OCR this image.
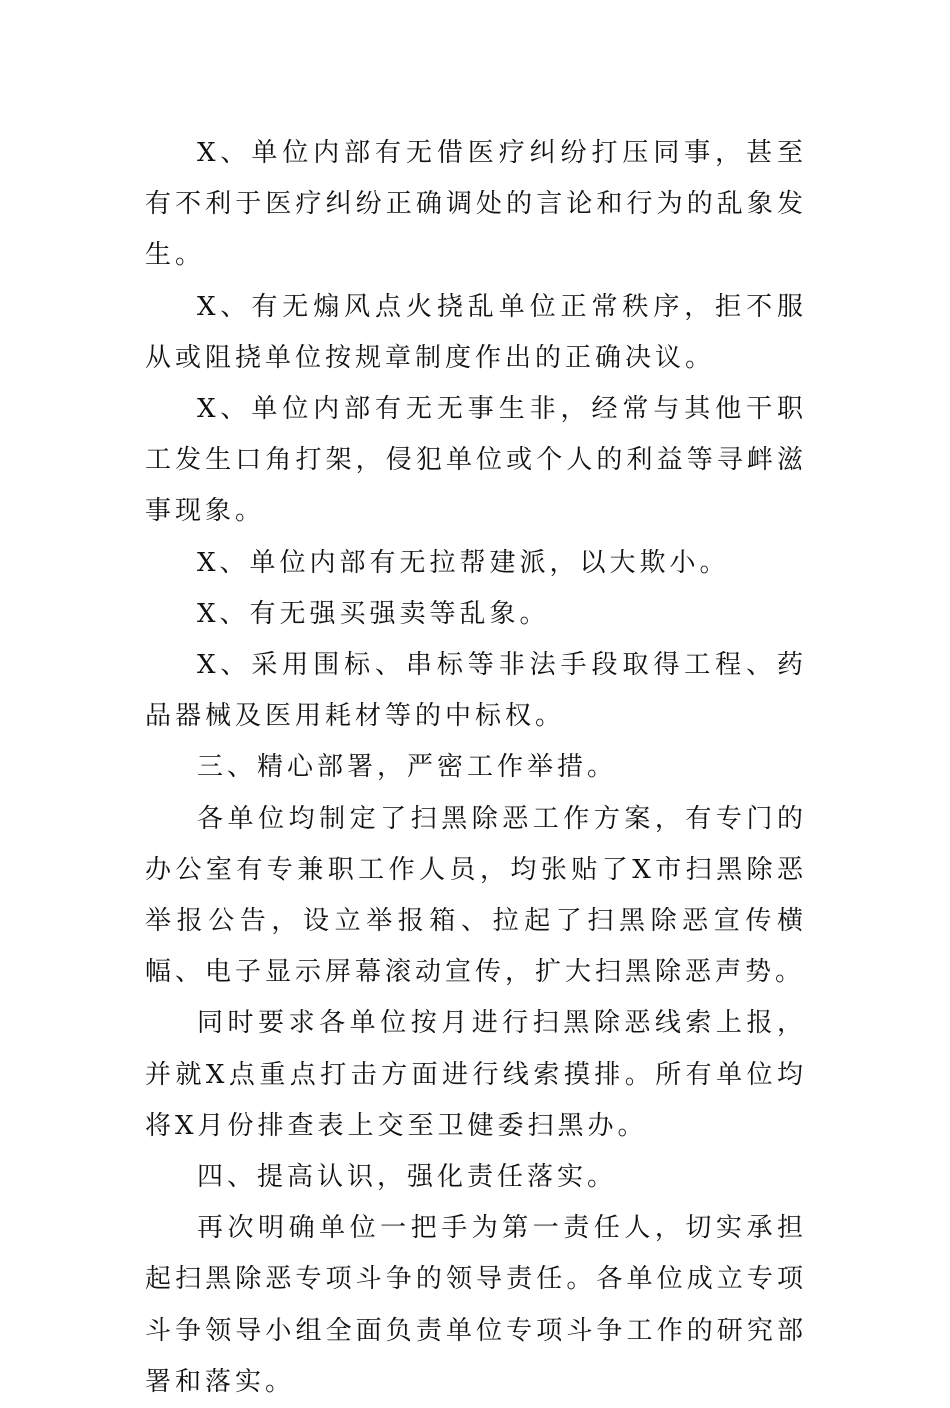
X、单位内部有无借医疗纠纷打压同事，甚至有不利于医疗纠纷正确调处的言论和行为的乱象发生。

X、有无煽风点火挠乱单位正常秩序，拒不服从或阻挠单位按规章制度作出的正确决议。

X、单位内部有无无事生非，经常与其他干职工发生口角打架，侵犯单位或个人的利益等寻衅滋事现象。

X、单位内部有无拉帮建派，以大欺小。

X、有无强买强卖等乱象。

X、采用围标、串标等非法手段取得工程、药品器械及医用耗材等的中标权。

三、精心部署，严密工作举措。

各单位均制定了扫黑除恶工作方案，有专门的办公室有专兼职工作人员，均张贴了X市扫黑除恶举报公告，设立举报箱、拉起了扫黑除恶宣传横幅、电子显示屏幕滚动宣传，扩大扫黑除恶声势。

同时要求各单位按月进行扫黑除恶线索上报，并就X点重点打击方面进行线索摸排。所有单位均将X月份排查表上交至卫健委扫黑办。

四、提高认识，强化责任落实。

再次明确单位一把手为第一责任人，切实承担起扫黑除恶专项斗争的领导责任。各单位成立专项斗争领导小组全面负责单位专项斗争工作的研究部署和落实。
